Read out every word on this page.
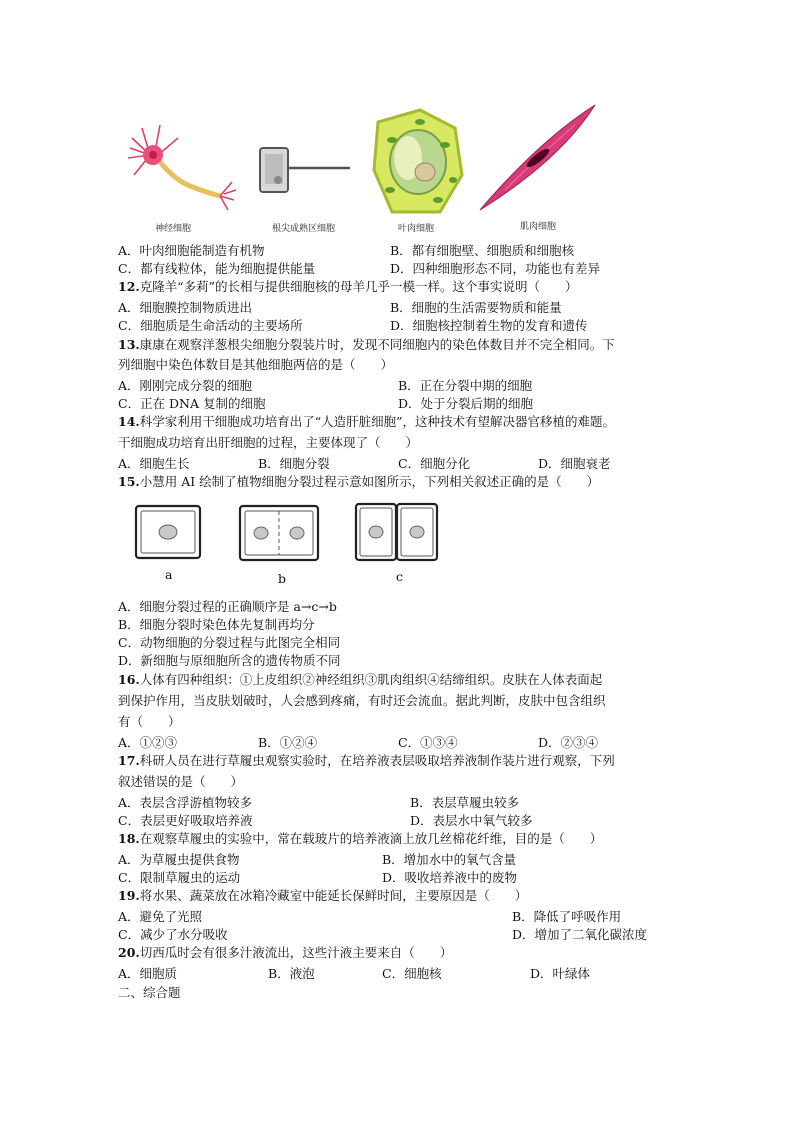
神经细胞	根尖成熟区细胞	叶肉细胞	肌肉细胞
A．叶肉细胞能制造有机物	B．都有细胞壁、细胞质和细胞核
C．都有线粒体，能为细胞提供能量	D．四种细胞形态不同，功能也有差异
12.克隆羊“多莉”的长相与提供细胞核的母羊几乎一模一样。这个事实说明（　　）
A．细胞膜控制物质进出	B．细胞的生活需要物质和能量
C．细胞质是生命活动的主要场所	D．细胞核控制着生物的发育和遗传
13.康康在观察洋葱根尖细胞分裂装片时，发现不同细胞内的染色体数目并不完全相同。下
列细胞中染色体数目是其他细胞两倍的是（　　）
A．刚刚完成分裂的细胞	B．正在分裂中期的细胞
C．正在 DNA 复制的细胞	D．处于分裂后期的细胞
14.科学家利用干细胞成功培育出了“人造肝脏细胞”，这种技术有望解决器官移植的难题。
干细胞成功培育出肝细胞的过程，主要体现了（　　）
A．细胞生长	B．细胞分裂	C．细胞分化	D．细胞衰老
15.小慧用 AI 绘制了植物细胞分裂过程示意如图所示，下列相关叙述正确的是（　　）
a	b	c
A．细胞分裂过程的正确顺序是 a→c→b
B．细胞分裂时染色体先复制再均分
C．动物细胞的分裂过程与此图完全相同
D．新细胞与原细胞所含的遗传物质不同
16.人体有四种组织：①上皮组织②神经组织③肌肉组织④结缔组织。皮肤在人体表面起
到保护作用，当皮肤划破时，人会感到疼痛，有时还会流血。据此判断，皮肤中包含组织
有（　　）
A．①②③	B．①②④	C．①③④	D．②③④
17.科研人员在进行草履虫观察实验时，在培养液表层吸取培养液制作装片进行观察，下列
叙述错误的是（　　）
A．表层含浮游植物较多	B．表层草履虫较多
C．表层更好吸取培养液	D．表层水中氧气较多
18.在观察草履虫的实验中，常在载玻片的培养液滴上放几丝棉花纤维，目的是（　　）
A．为草履虫提供食物	B．增加水中的氧气含量
C．限制草履虫的运动	D．吸收培养液中的废物
19.将水果、蔬菜放在冰箱冷藏室中能延长保鲜时间，主要原因是（　　）
A．避免了光照	B．降低了呼吸作用
C．减少了水分吸收	D．增加了二氧化碳浓度
20.切西瓜时会有很多汁液流出，这些汁液主要来自（　　）
A．细胞质	B．液泡	C．细胞核	D．叶绿体
二、综合题
